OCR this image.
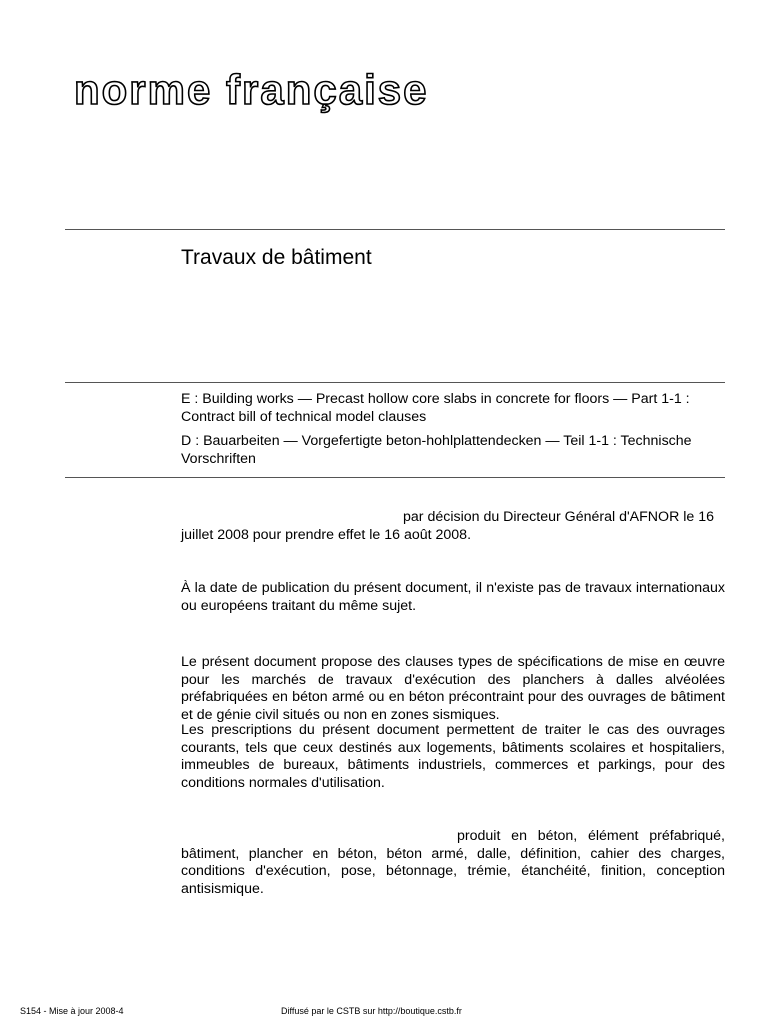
norme française
Travaux de bâtiment
E : Building works — Precast hollow core slabs in concrete for floors — Part 1-1 : Contract bill of technical model clauses
D : Bauarbeiten — Vorgefertigte beton-hohlplattendecken — Teil 1-1 : Technische Vorschriften
par décision du Directeur Général d'AFNOR le 16 juillet 2008 pour prendre effet le 16 août 2008.
À la date de publication du présent document, il n'existe pas de travaux internationaux ou européens traitant du même sujet.
Le présent document propose des clauses types de spécifications de mise en œuvre pour les marchés de travaux d'exécution des planchers à dalles alvéolées préfabriquées en béton armé ou en béton précontraint pour des ouvrages de bâtiment et de génie civil situés ou non en zones sismiques.
Les prescriptions du présent document permettent de traiter le cas des ouvrages courants, tels que ceux destinés aux logements, bâtiments scolaires et hospitaliers, immeubles de bureaux, bâtiments industriels, commerces et parkings, pour des conditions normales d'utilisation.
produit en béton, élément préfabriqué, bâtiment, plancher en béton, béton armé, dalle, définition, cahier des charges, conditions d'exécution, pose, bétonnage, trémie, étanchéité, finition, conception antisismique.
S154 - Mise à jour 2008-4	Diffusé par le CSTB sur http://boutique.cstb.fr
